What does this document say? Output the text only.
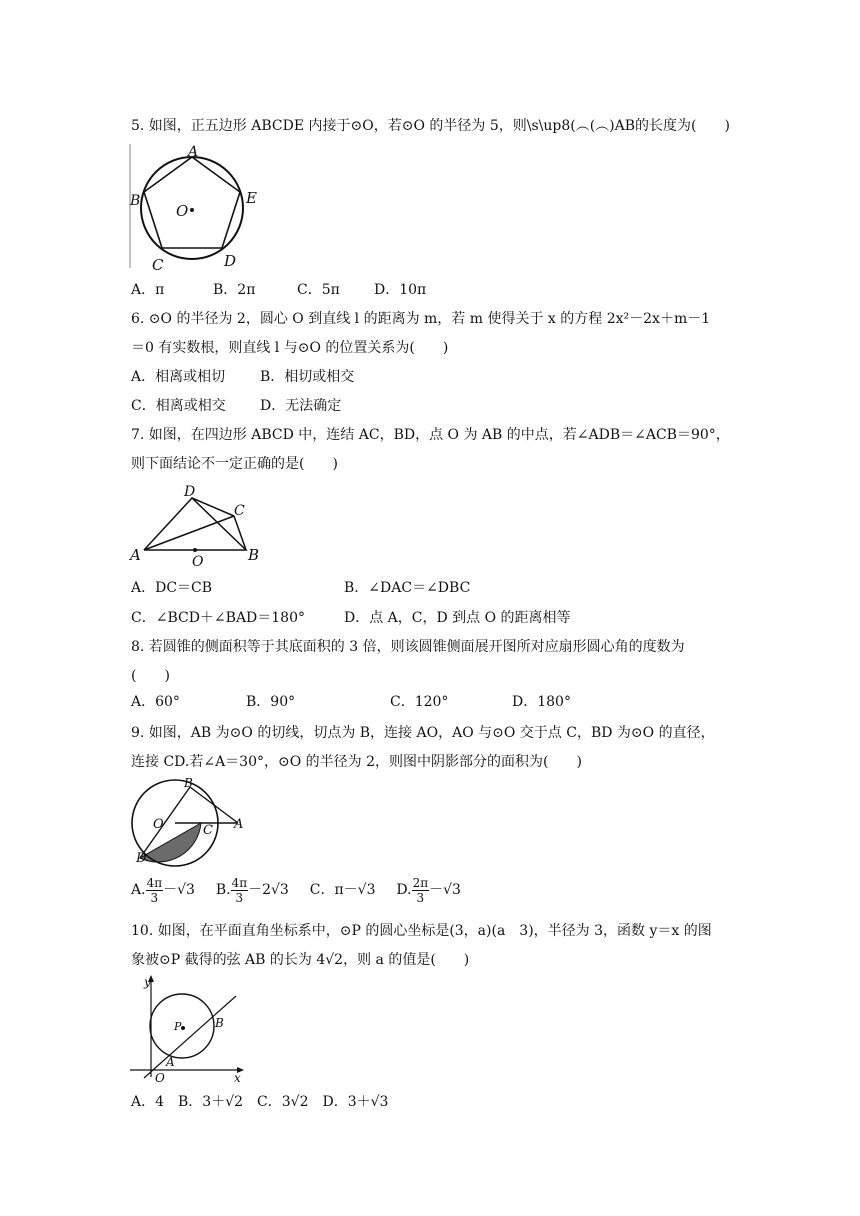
5. 如图，正五边形 ABCDE 内接于⊙O，若⊙O 的半径为 5，则\s\up8(︵(︵)AB的长度为(　　)
A
B	E
O
C	D
A．π	B．2π	C．5π D．10π
6. ⊙O 的半径为 2，圆心 O 到直线 l 的距离为 m，若 m 使得关于 x 的方程 2x²－2x＋m－1
＝0 有实数根，则直线 l 与⊙O 的位置关系为(　　)
A．相离或相切 B．相切或相交
C．相离或相交 D．无法确定
7. 如图，在四边形 ABCD 中，连结 AC，BD，点 O 为 AB 的中点，若∠ADB＝∠ACB＝90°，
则下面结论不一定正确的是(　　)
D
C
A	O	B
A．DC＝CB	B．∠DAC＝∠DBC
C．∠BCD＋∠BAD＝180°	D．点 A，C，D 到点 O 的距离相等
8. 若圆锥的侧面积等于其底面积的 3 倍，则该圆锥侧面展开图所对应扇形圆心角的度数为
(　　)
A．60°	B．90°	C．120°	D．180°
9. 如图，AB 为⊙O 的切线，切点为 B，连接 AO，AO 与⊙O 交于点 C，BD 为⊙O 的直径，
连接 CD.若∠A＝30°，⊙O 的半径为 2，则图中阴影部分的面积为(　　)
B
O	C A
D
A. $\frac{4\pi}{3} -√3$ B. $\frac{4\pi}{3} -2√3$ C．π－√3 D. $\frac{2\pi}{3} -√3$
10. 如图，在平面直角坐标系中，⊙P 的圆心坐标是(3，a)(a　3)，半径为 3，函数 y＝x 的图
象被⊙P 截得的弦 AB 的长为 4√2，则 a 的值是(　　)
y
P	B
A
O	x
A．4　B．3＋√2　C．3√2　D．3＋√3
